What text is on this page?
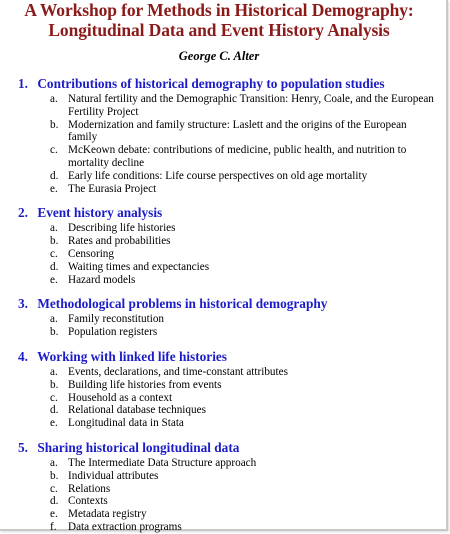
A Workshop for Methods in Historical Demography:
Longitudinal Data and Event History Analysis
George C. Alter
1. Contributions of historical demography to population studies
a. Natural fertility and the Demographic Transition: Henry, Coale, and the European Fertility Project
b. Modernization and family structure: Laslett and the origins of the European family
c. McKeown debate: contributions of medicine, public health, and nutrition to mortality decline
d. Early life conditions: Life course perspectives on old age mortality
e. The Eurasia Project
2. Event history analysis
a. Describing life histories
b. Rates and probabilities
c. Censoring
d. Waiting times and expectancies
e. Hazard models
3. Methodological problems in historical demography
a. Family reconstitution
b. Population registers
4. Working with linked life histories
a. Events, declarations, and time-constant attributes
b. Building life histories from events
c. Household as a context
d. Relational database techniques
e. Longitudinal data in Stata
5. Sharing historical longitudinal data
a. The Intermediate Data Structure approach
b. Individual attributes
c. Relations
d. Contexts
e. Metadata registry
f. Data extraction programs
